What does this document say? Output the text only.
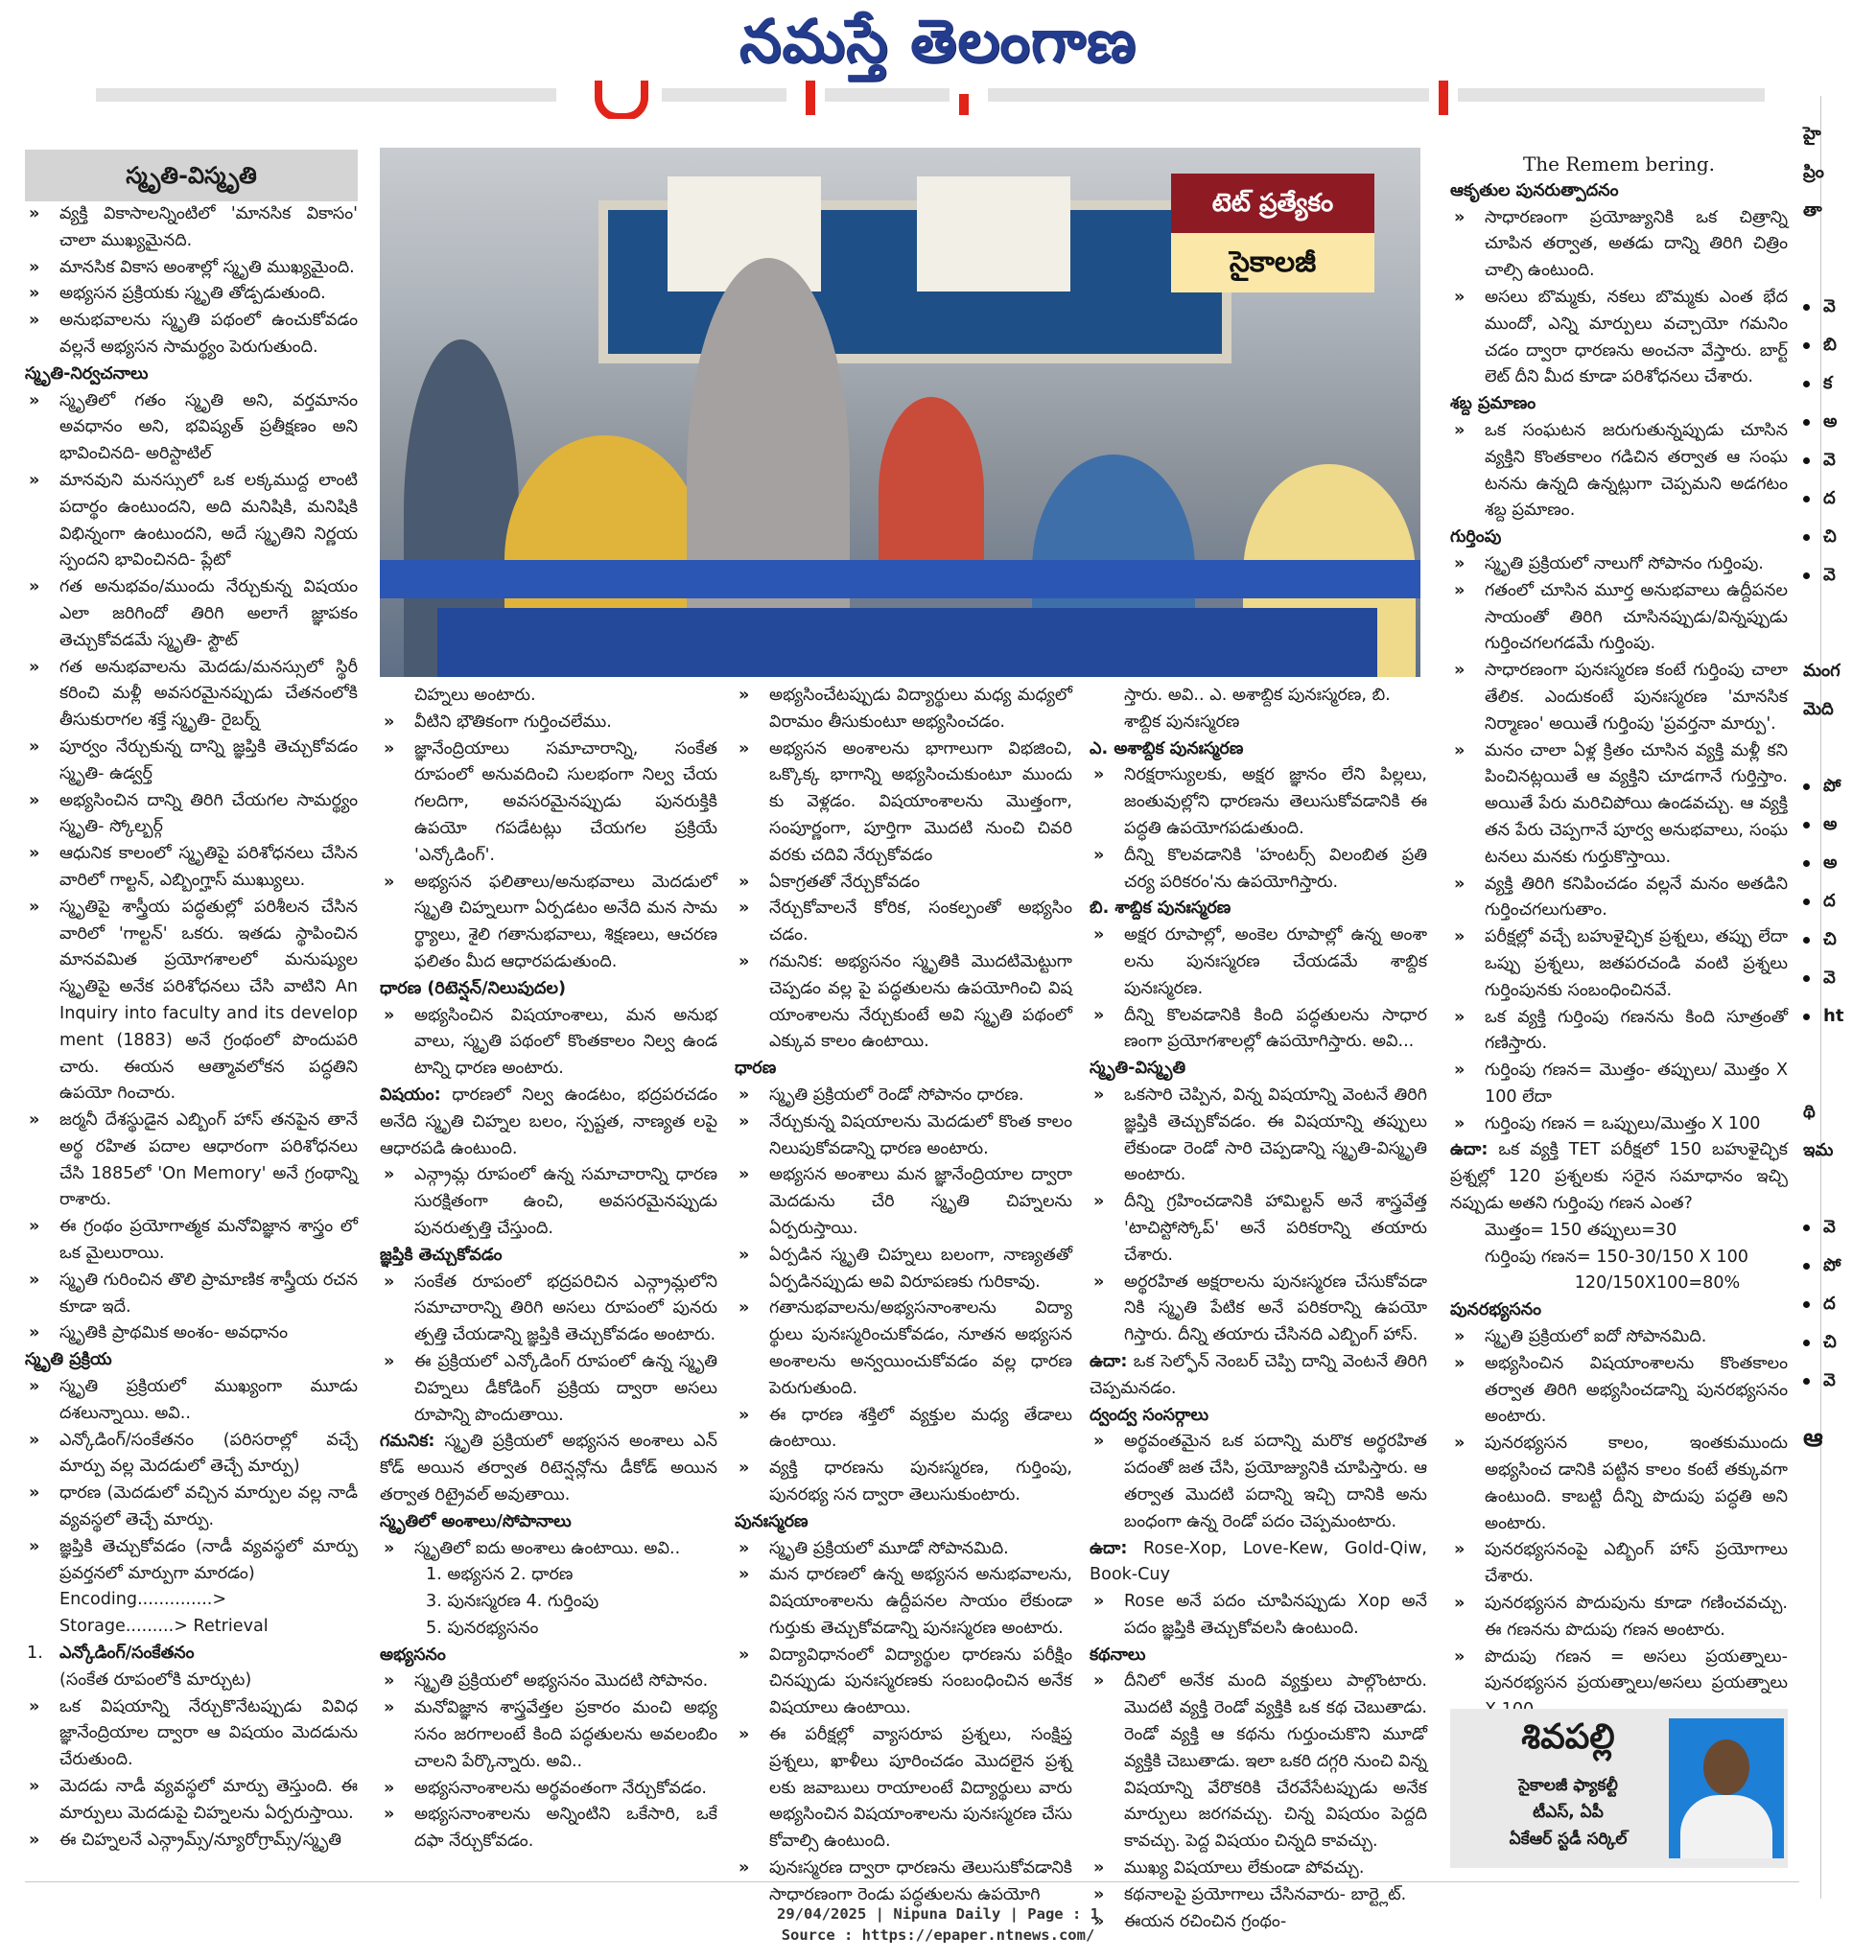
నమస్తే తెలంగాణ
స్మృతి-విస్మృతి
టెట్ ప్రత్యేకం
సైకాలజీ

» వ్యక్తి వికాసాలన్నింటిలో 'మానసిక వికాసం' చాలా ముఖ్యమైనది.

» మానసిక వికాస అంశాల్లో స్మృతి ముఖ్యమైంది.

» అభ్యసన ప్రక్రియకు స్మృతి తోడ్పడుతుంది.

» అనుభవాలను స్మృతి పథంలో ఉంచుకోవడం వల్లనే అభ్యసన సామర్థ్యం పెరుగుతుంది.

స్మృతి-నిర్వచనాలు

» స్మృతిలో గతం స్మృతి అని, వర్తమానం అవధానం అని, భవిష్యత్ ప్రతీక్షణం అని భావించినది- అరిస్టాటిల్

» మానవుని మనస్సులో ఒక లక్కముద్ద లాంటి పదార్థం ఉంటుందని, అది మనిషికి, మనిషికి విభిన్నంగా ఉంటుందని, అదే స్మృతిని నిర్ణయ స్పందని భావించినది- ప్లేటో

» గత అనుభవం/ముందు నేర్చుకున్న విషయం ఎలా జరిగిందో తిరిగి అలాగే జ్ఞాపకం తెచ్చుకోవడమే స్మృతి- స్టౌట్

» గత అనుభవాలను మెదడు/మనస్సులో స్థిరీ కరించి మళ్లీ అవసరమైనప్పుడు చేతనంలోకి తీసుకురాగల శక్తే స్మృతి- రైబర్న్

» పూర్వం నేర్చుకున్న దాన్ని జ్ఞప్తికి తెచ్చుకోవడం స్మృతి- ఉడ్వర్త్

» అభ్యసించిన దాన్ని తిరిగి చేయగల సామర్థ్యం స్మృతి- స్కోల్బర్గ్

» ఆధునిక కాలంలో స్మృతిపై పరిశోధనలు చేసిన వారిలో గాల్టన్, ఎబ్బింగ్హాస్ ముఖ్యులు.

» స్మృతిపై శాస్త్రీయ పద్ధతుల్లో పరిశీలన చేసిన వారిలో 'గాల్టన్' ఒకరు. ఇతడు స్థాపించిన మానవమిత ప్రయోగశాలలో మనుష్యుల స్మృతిపై అనేక పరిశోధనలు చేసి వాటిని An Inquiry into faculty and its develop ment (1883) అనే గ్రంథంలో పొందుపరి చారు. ఈయన ఆత్మావలోకన పద్ధతిని ఉపయో గించారు.

» జర్మనీ దేశస్థుడైన ఎబ్బింగ్ హాస్ తనపైన తానే అర్థ రహిత పదాల ఆధారంగా పరిశోధనలు చేసి 1885లో 'On Memory' అనే గ్రంథాన్ని రాశారు.

» ఈ గ్రంథం ప్రయోగాత్మక మనోవిజ్ఞాన శాస్త్రం లో ఒక మైలురాయి.

» స్మృతి గురించిన తొలి ప్రామాణిక శాస్త్రీయ రచన కూడా ఇదే.

» స్మృతికి ప్రాథమిక అంశం- అవధానం

స్మృతి ప్రక్రియ

» స్మృతి ప్రక్రియలో ముఖ్యంగా మూడు దశలున్నాయి. అవి..

» ఎన్కోడింగ్/సంకేతనం (పరిసరాల్లో వచ్చే మార్పు వల్ల మెదడులో తెచ్చే మార్పు)

» ధారణ (మెదడులో వచ్చిన మార్పుల వల్ల నాడీ వ్యవస్థలో తెచ్చే మార్పు.

» జ్ఞప్తికి తెచ్చుకోవడం (నాడీ వ్యవస్థలో మార్పు ప్రవర్తనలో మార్పుగా మారడం)

Encoding..............> Storage.........> Retrieval

1. ఎన్కోడింగ్/సంకేతనం

(సంకేత రూపంలోకి మార్చుట)

» ఒక విషయాన్ని నేర్చుకొనేటప్పుడు వివిధ జ్ఞానేంద్రియాల ద్వారా ఆ విషయం మెదడును చేరుతుంది.

» మెదడు నాడీ వ్యవస్థలో మార్పు తెస్తుంది. ఈ మార్పులు మెదడుపై చిహ్నలను ఏర్పరుస్తాయి.

» ఈ చిహ్నలనే ఎన్గ్రామ్స్/న్యూరోగ్రామ్స్/స్మృతి

చిహ్నలు అంటారు.

» వీటిని భౌతికంగా గుర్తించలేము.

» జ్ఞానేంద్రియాలు సమాచారాన్ని, సంకేత రూపంలో అనువదించి సులభంగా నిల్వ చేయ గలదిగా, అవసరమైనప్పుడు పునరుక్తికి ఉపయో గపడేటట్లు చేయగల ప్రక్రియే 'ఎన్కోడింగ్'.

» అభ్యసన ఫలితాలు/అనుభవాలు మెదడులో స్మృతి చిహ్నలుగా ఏర్పడటం అనేది మన సామ ర్థ్యాలు, శైలి గతానుభవాలు, శిక్షణలు, ఆచరణ ఫలితం మీద ఆధారపడుతుంది.

ధారణ (రిటెన్షన్/నిలుపుదల)

» అభ్యసించిన విషయాంశాలు, మన అనుభ వాలు, స్మృతి పథంలో కొంతకాలం నిల్వ ఉండ టాన్ని ధారణ అంటారు.

విషయం: ధారణలో నిల్వ ఉండటం, భద్రపరచడం అనేది స్మృతి చిహ్నల బలం, స్పష్టత, నాణ్యత లపై ఆధారపడి ఉంటుంది.

» ఎన్గ్రామ్ల రూపంలో ఉన్న సమాచారాన్ని ధారణ సురక్షితంగా ఉంచి, అవసరమైనప్పుడు పునరుత్పత్తి చేస్తుంది.

జ్ఞప్తికి తెచ్చుకోవడం

» సంకేత రూపంలో భద్రపరిచిన ఎన్గ్రామ్లలోని సమాచారాన్ని తిరిగి అసలు రూపంలో పునరు త్పత్తి చేయడాన్ని జ్ఞప్తికి తెచ్చుకోవడం అంటారు.

» ఈ ప్రక్రియలో ఎన్కోడింగ్ రూపంలో ఉన్న స్మృతి చిహ్నలు డీకోడింగ్ ప్రక్రియ ద్వారా అసలు రూపాన్ని పొందుతాయి.

గమనిక: స్మృతి ప్రక్రియలో అభ్యసన అంశాలు ఎన్ కోడ్ అయిన తర్వాత రిటెన్షన్లోను డీకోడ్ అయిన తర్వాత రిట్రైవల్ అవుతాయి.

స్మృతిలో అంశాలు/సోపానాలు

» స్మృతిలో ఐదు అంశాలు ఉంటాయి. అవి..

1. అభ్యసన 2. ధారణ

3. పునఃస్మరణ 4. గుర్తింపు

5. పునరభ్యసనం

అభ్యసనం

» స్మృతి ప్రక్రియలో అభ్యసనం మొదటి సోపానం.

» మనోవిజ్ఞాన శాస్త్రవేత్తల ప్రకారం మంచి అభ్య సనం జరగాలంటే కింది పద్ధతులను అవలంబిం చాలని పేర్కొన్నారు. అవి..

» అభ్యసనాంశాలను అర్థవంతంగా నేర్చుకోవడం.

» అభ్యసనాంశాలను అన్నింటిని ఒకేసారి, ఒకే దఫా నేర్చుకోవడం.

» అభ్యసించేటప్పుడు విద్యార్థులు మధ్య మధ్యలో విరామం తీసుకుంటూ అభ్యసించడం.

» అభ్యసన అంశాలను భాగాలుగా విభజించి, ఒక్కొక్క భాగాన్ని అభ్యసించుకుంటూ ముందు కు వెళ్లడం. విషయాంశాలను మొత్తంగా, సంపూర్ణంగా, పూర్తిగా మొదటి నుంచి చివరి వరకు చదివి నేర్చుకోవడం

» ఏకాగ్రతతో నేర్చుకోవడం

» నేర్చుకోవాలనే కోరిక, సంకల్పంతో అభ్యసిం చడం.

» గమనిక: అభ్యసనం స్మృతికి మొదటిమెట్టుగా చెప్పడం వల్ల పై పద్ధతులను ఉపయోగించి విష యాంశాలను నేర్చుకుంటే అవి స్మృతి పథంలో ఎక్కువ కాలం ఉంటాయి.

ధారణ

» స్మృతి ప్రక్రియలో రెండో సోపానం ధారణ.

» నేర్చుకున్న విషయాలను మెదడులో కొంత కాలం నిలుపుకోవడాన్ని ధారణ అంటారు.

» అభ్యసన అంశాలు మన జ్ఞానేంద్రియాల ద్వారా మెదడును చేరి స్మృతి చిహ్నలను ఏర్పరుస్తాయి.

» ఏర్పడిన స్మృతి చిహ్నలు బలంగా, నాణ్యతతో ఏర్పడినప్పుడు అవి విరూపణకు గురికావు.

» గతానుభవాలను/అభ్యసనాంశాలను విద్యా ర్థులు పునఃస్మరించుకోవడం, నూతన అభ్యసన అంశాలను అన్వయించుకోవడం వల్ల ధారణ పెరుగుతుంది.

» ఈ ధారణ శక్తిలో వ్యక్తుల మధ్య తేడాలు ఉంటాయి.

» వ్యక్తి ధారణను పునఃస్మరణ, గుర్తింపు, పునరభ్య సన ద్వారా తెలుసుకుంటారు.

పునఃస్మరణ

» స్మృతి ప్రక్రియలో మూడో సోపానమిది.

» మన ధారణలో ఉన్న అభ్యసన అనుభవాలను, విషయాంశాలను ఉద్దీపనల సాయం లేకుండా గుర్తుకు తెచ్చుకోవడాన్ని పునఃస్మరణ అంటారు.

» విద్యావిధానంలో విద్యార్థుల ధారణను పరీక్షిం చినప్పుడు పునఃస్మరణకు సంబంధించిన అనేక విషయాలు ఉంటాయి.

» ఈ పరీక్షల్లో వ్యాసరూప ప్రశ్నలు, సంక్షిప్త ప్రశ్నలు, ఖాళీలు పూరించడం మొదలైన ప్రశ్న లకు జవాబులు రాయాలంటే విద్యార్థులు వారు అభ్యసించిన విషయాంశాలను పునఃస్మరణ చేసు కోవాల్సి ఉంటుంది.

» పునఃస్మరణ ద్వారా ధారణను తెలుసుకోవడానికి సాధారణంగా రెండు పద్ధతులను ఉపయోగి

స్తారు. అవి.. ఎ. అశాబ్దిక పునఃస్మరణ, బి. శాబ్దిక పునఃస్మరణ

ఎ. అశాబ్దిక పునఃస్మరణ

» నిరక్షరాస్యులకు, అక్షర జ్ఞానం లేని పిల్లలు, జంతువుల్లోని ధారణను తెలుసుకోవడానికి ఈ పద్ధతి ఉపయోగపడుతుంది.

» దీన్ని కొలవడానికి 'హంటర్స్ విలంబిత ప్రతి చర్య పరికరం'ను ఉపయోగిస్తారు.

బి. శాబ్దిక పునఃస్మరణ

» అక్షర రూపాల్లో, అంకెల రూపాల్లో ఉన్న అంశా లను పునఃస్మరణ చేయడమే శాబ్దిక పునఃస్మరణ.

» దీన్ని కొలవడానికి కింది పద్ధతులను సాధార ణంగా ప్రయోగశాలల్లో ఉపయోగిస్తారు. అవి...

స్మృతి-విస్మృతి

» ఒకసారి చెప్పిన, విన్న విషయాన్ని వెంటనే తిరిగి జ్ఞప్తికి తెచ్చుకోవడం. ఈ విషయాన్ని తప్పులు లేకుండా రెండో సారి చెప్పడాన్ని స్మృతి-విస్మృతి అంటారు.

» దీన్ని గ్రహించడానికి హామిల్టన్ అనే శాస్త్రవేత్త 'టాచిస్టోస్కోప్' అనే పరికరాన్ని తయారు చేశారు.

» అర్థరహిత అక్షరాలను పునఃస్మరణ చేసుకోవడా నికి స్మృతి పేటిక అనే పరికరాన్ని ఉపయో గిస్తారు. దీన్ని తయారు చేసినది ఎబ్బింగ్ హాస్.

ఉదా: ఒక సెల్ఫోన్ నెంబర్ చెప్పి దాన్ని వెంటనే తిరిగి చెప్పమనడం.

ద్వంద్వ సంసర్గాలు

» అర్థవంతమైన ఒక పదాన్ని మరొక అర్థరహిత పదంతో జత చేసి, ప్రయోజ్యునికి చూపిస్తారు. ఆ తర్వాత మొదటి పదాన్ని ఇచ్చి దానికి అను బంధంగా ఉన్న రెండో పదం చెప్పమంటారు.

ఉదా: Rose-Xop, Love-Kew, Gold-Qiw, Book-Cuy

» Rose అనే పదం చూపినప్పుడు Xop అనే పదం జ్ఞప్తికి తెచ్చుకోవలసి ఉంటుంది.

కథనాలు

» దీనిలో అనేక మంది వ్యక్తులు పాల్గొంటారు. మొదటి వ్యక్తి రెండో వ్యక్తికి ఒక కథ చెబుతాడు. రెండో వ్యక్తి ఆ కథను గుర్తుంచుకొని మూడో వ్యక్తికి చెబుతాడు. ఇలా ఒకరి దగ్గరి నుంచి విన్న విషయాన్ని వేరొకరికి చేరవేసేటప్పుడు అనేక మార్పులు జరగవచ్చు. చిన్న విషయం పెద్దది కావచ్చు. పెద్ద విషయం చిన్నది కావచ్చు.

» ముఖ్య విషయాలు లేకుండా పోవచ్చు.

» కథనాలపై ప్రయోగాలు చేసినవారు- బార్ట్లెట్.

» ఈయన రచించిన గ్రంథం-

The Remem bering.

ఆకృతుల పునరుత్పాదనం

» సాధారణంగా ప్రయోజ్యునికి ఒక చిత్రాన్ని చూపిన తర్వాత, అతడు దాన్ని తిరిగి చిత్రిం చాల్సి ఉంటుంది.

» అసలు బొమ్మకు, నకలు బొమ్మకు ఎంత భేద ముందో, ఎన్ని మార్పులు వచ్చాయో గమనిం చడం ద్వారా ధారణను అంచనా వేస్తారు. బార్ట్ లెట్ దీని మీద కూడా పరిశోధనలు చేశారు.

శబ్ద ప్రమాణం

» ఒక సంఘటన జరుగుతున్నప్పుడు చూసిన వ్యక్తిని కొంతకాలం గడిచిన తర్వాత ఆ సంఘ టనను ఉన్నది ఉన్నట్లుగా చెప్పమని అడగటం శబ్ద ప్రమాణం.

గుర్తింపు

» స్మృతి ప్రక్రియలో నాలుగో సోపానం గుర్తింపు.

» గతంలో చూసిన మూర్త అనుభవాలు ఉద్దీపనల సాయంతో తిరిగి చూసినప్పుడు/విన్నప్పుడు గుర్తించగలగడమే గుర్తింపు.

» సాధారణంగా పునఃస్మరణ కంటే గుర్తింపు చాలా తేలిక. ఎందుకంటే పునఃస్మరణ 'మానసిక నిర్మాణం' అయితే గుర్తింపు 'ప్రవర్తనా మార్పు'.

» మనం చాలా ఏళ్ల క్రితం చూసిన వ్యక్తి మళ్లీ కని పించినట్లయితే ఆ వ్యక్తిని చూడగానే గుర్తిస్తాం. అయితే పేరు మరిచిపోయి ఉండవచ్చు. ఆ వ్యక్తి తన పేరు చెప్పగానే పూర్వ అనుభవాలు, సంఘ టనలు మనకు గుర్తుకొస్తాయి.

» వ్యక్తి తిరిగి కనిపించడం వల్లనే మనం అతడిని గుర్తించగలుగుతాం.

» పరీక్షల్లో వచ్చే బహుళైచ్ఛిక ప్రశ్నలు, తప్పు లేదా ఒప్పు ప్రశ్నలు, జతపరచండి వంటి ప్రశ్నలు గుర్తింపునకు సంబంధించినవే.

» ఒక వ్యక్తి గుర్తింపు గణనను కింది సూత్రంతో గణిస్తారు.

» గుర్తింపు గణన= మొత్తం- తప్పులు/ మొత్తం X 100 లేదా

» గుర్తింపు గణన = ఒప్పులు/మొత్తం X 100

ఉదా: ఒక వ్యక్తి TET పరీక్షలో 150 బహుళైచ్ఛిక ప్రశ్నల్లో 120 ప్రశ్నలకు సరైన సమాధానం ఇచ్చి నప్పుడు అతని గుర్తింపు గణన ఎంత?

మొత్తం= 150 తప్పులు=30

గుర్తింపు గణన= 150-30/150 X 100

120/150X100=80%

పునరభ్యసనం

» స్మృతి ప్రక్రియలో ఐదో సోపానమిది.

» అభ్యసించిన విషయాంశాలను కొంతకాలం తర్వాత తిరిగి అభ్యసించడాన్ని పునరభ్యసనం అంటారు.

» పునరభ్యసన కాలం, ఇంతకుముందు అభ్యసించ డానికి పట్టిన కాలం కంటే తక్కువగా ఉంటుంది. కాబట్టి దీన్ని పొదుపు పద్ధతి అని అంటారు.

» పునరభ్యసనంపై ఎబ్బింగ్ హాస్ ప్రయోగాలు చేశారు.

» పునరభ్యసన పొదుపును కూడా గణించవచ్చు. ఈ గణనను పొదుపు గణన అంటారు.

» పొదుపు గణన = అసలు ప్రయత్నాలు- పునరభ్యసన ప్రయత్నాలు/అసలు ప్రయత్నాలు

శివపల్లి
సైకాలజీ ఫ్యాకల్టీ
టీఎస్, ఏపీ
ఏకేఆర్ స్టడీ సర్కిల్
హై
ప్రిం
తా
వె
బి
క
అ
వె
ద
చి
వె
మంగ
మెది
పో
అ
అ
ద
చి
వె
ht
థి
ఇమ
వె
పో
ద
చి
వె
ఆ
29/04/2025 | Nipuna Daily | Page : 1
Source : https://epaper.ntnews.com/
